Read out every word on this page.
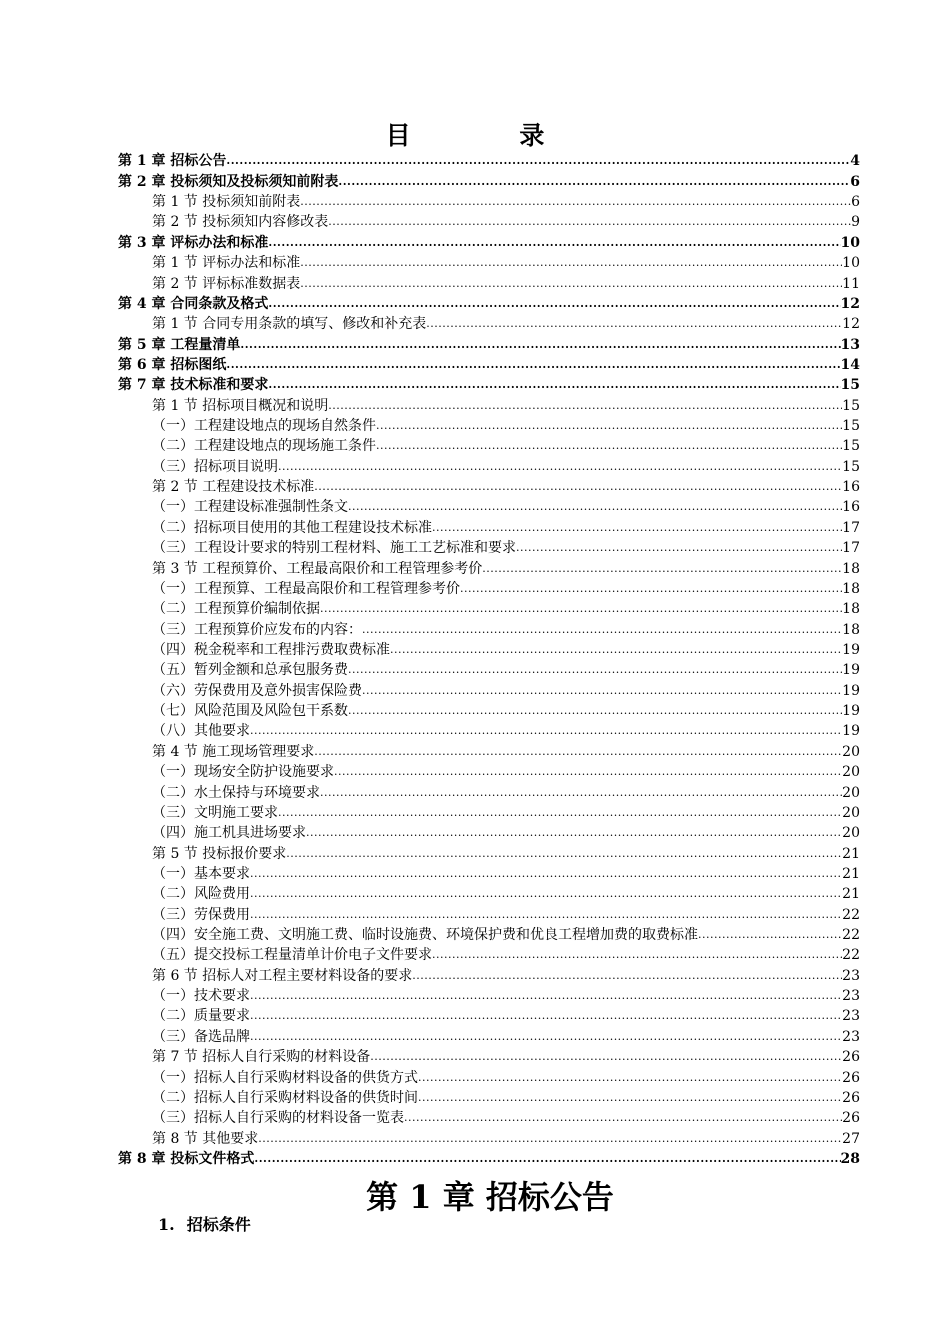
目 录
第 1 章 招标公告 .....	4
第 2 章 投标须知及投标须知前附表 .....	6
第 1 节 投标须知前附表 .....	6
第 2 节 投标须知内容修改表 .....	9
第 3 章 评标办法和标准 .....	10
第 1 节 评标办法和标准 .....	10
第 2 节 评标标准数据表 .....	11
第 4 章 合同条款及格式 .....	12
第 1 节 合同专用条款的填写、修改和补充表 .....	12
第 5 章 工程量清单 .....	13
第 6 章 招标图纸 .....	14
第 7 章 技术标准和要求 .....	15
第 1 节 招标项目概况和说明 .....	15
（一）工程建设地点的现场自然条件 .....	15
（二）工程建设地点的现场施工条件 .....	15
（三）招标项目说明 .....	15
第 2 节 工程建设技术标准 .....	16
（一）工程建设标准强制性条文 .....	16
（二）招标项目使用的其他工程建设技术标准 .....	17
（三）工程设计要求的特别工程材料、施工工艺标准和要求 .....	17
第 3 节 工程预算价、工程最高限价和工程管理参考价 .....	18
（一）工程预算、工程最高限价和工程管理参考价 .....	18
（二）工程预算价编制依据 .....	18
（三）工程预算价应发布的内容： .....	18
（四）税金税率和工程排污费取费标准 .....	19
（五）暂列金额和总承包服务费 .....	19
（六）劳保费用及意外损害保险费 .....	19
（七）风险范围及风险包干系数 .....	19
（八）其他要求 .....	19
第 4 节 施工现场管理要求 .....	20
（一）现场安全防护设施要求 .....	20
（二）水土保持与环境要求 .....	20
（三）文明施工要求 .....	20
（四）施工机具进场要求 .....	20
第 5 节 投标报价要求 .....	21
（一）基本要求 .....	21
（二）风险费用 .....	21
（三）劳保费用 .....	22
（四）安全施工费、文明施工费、临时设施费、环境保护费和优良工程增加费的取费标准 .....	22
（五）提交投标工程量清单计价电子文件要求 .....	22
第 6 节 招标人对工程主要材料设备的要求 .....	23
（一）技术要求 .....	23
（二）质量要求 .....	23
（三）备选品牌 .....	23
第 7 节 招标人自行采购的材料设备 .....	26
（一）招标人自行采购材料设备的供货方式 .....	26
（二）招标人自行采购材料设备的供货时间 .....	26
（三）招标人自行采购的材料设备一览表 .....	26
第 8 节 其他要求 .....	27
第 8 章 投标文件格式 .....	28
第 1 章 招标公告
1. 招标条件
